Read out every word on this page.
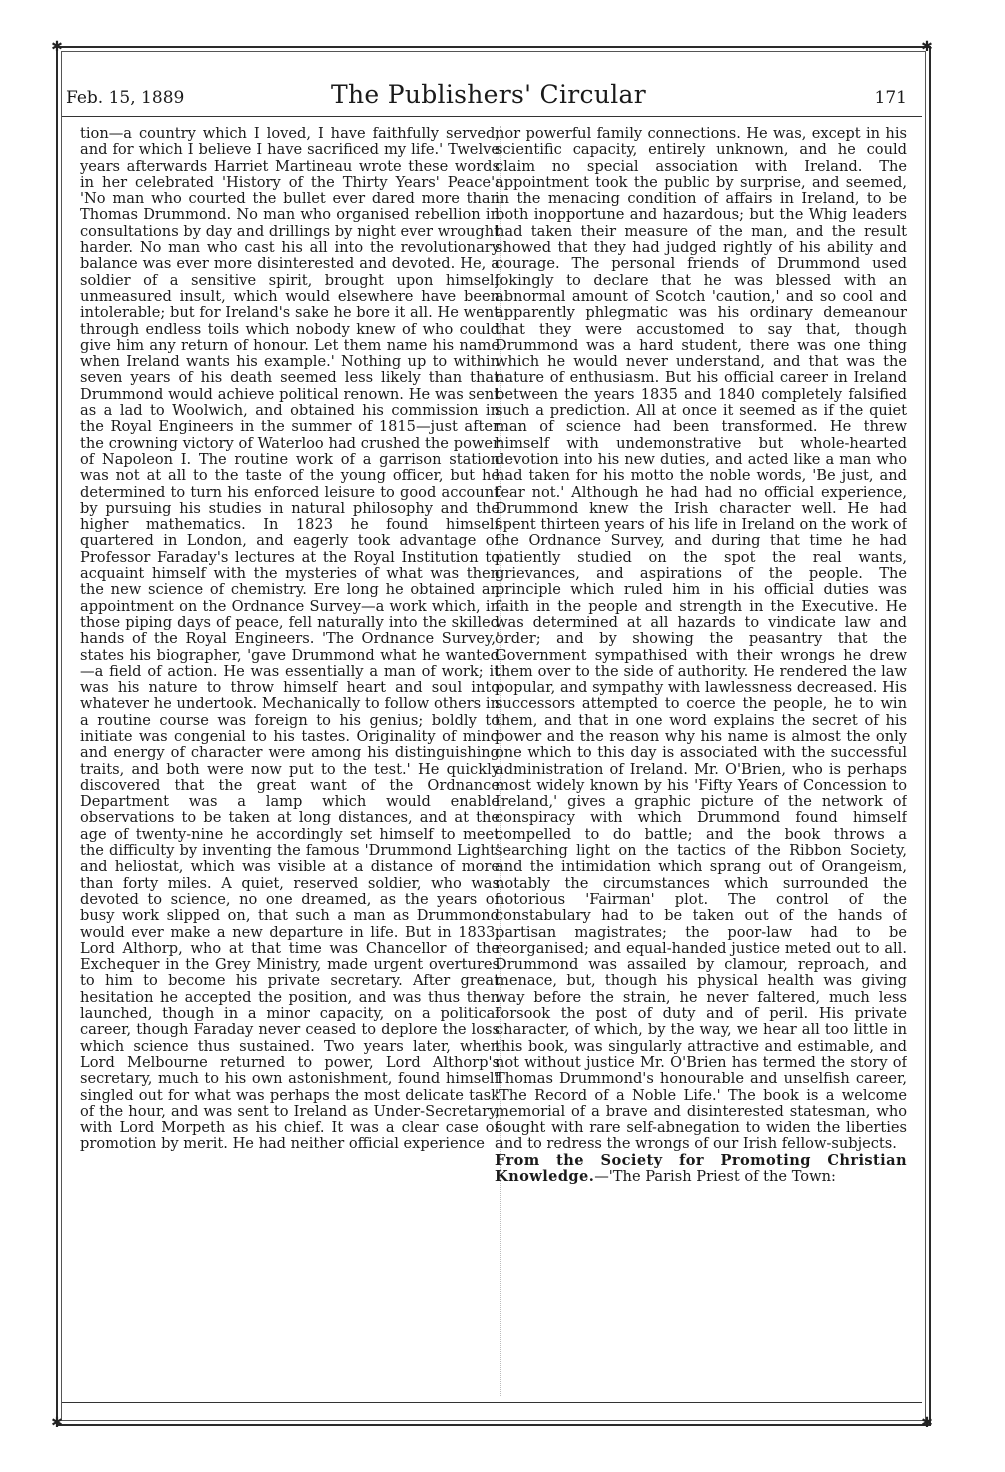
✱	✱
✱	✱
Feb. 15, 1889	The Publishers' Circular	171

tion—a country which I loved, I have faithfully served, and for which I believe I have sacrificed my life.' Twelve years afterwards Harriet Martineau wrote these words in her celebrated 'History of the Thirty Years' Peace': 'No man who courted the bullet ever dared more than Thomas Drummond. No man who organised rebellion in consultations by day and drillings by night ever wrought harder. No man who cast his all into the revolutionary balance was ever more disinterested and devoted. He, a soldier of a sensitive spirit, brought upon himself unmeasured insult, which would elsewhere have been intolerable; but for Ireland's sake he bore it all. He went through endless toils which nobody knew of who could give him any return of honour. Let them name his name when Ireland wants his example.' Nothing up to within seven years of his death seemed less likely than that Drummond would achieve political renown. He was sent as a lad to Woolwich, and obtained his commission in the Royal Engineers in the summer of 1815—just after the crowning victory of Waterloo had crushed the power of Napoleon I. The routine work of a garrison station was not at all to the taste of the young officer, but he determined to turn his enforced leisure to good account by pursuing his studies in natural philosophy and the higher mathematics. In 1823 he found himself quartered in London, and eagerly took advantage of Professor Faraday's lectures at the Royal Institution to acquaint himself with the mysteries of what was then the new science of chemistry. Ere long he obtained an appointment on the Ordnance Survey—a work which, in those piping days of peace, fell naturally into the skilled hands of the Royal Engineers. 'The Ordnance Survey,' states his biographer, 'gave Drummond what he wanted—a field of action. He was essentially a man of work; it was his nature to throw himself heart and soul into whatever he undertook. Mechanically to follow others in a routine course was foreign to his genius; boldly to initiate was congenial to his tastes. Originality of mind and energy of character were among his distinguishing traits, and both were now put to the test.' He quickly discovered that the great want of the Ordnance Department was a lamp which would enable observations to be taken at long distances, and at the age of twenty-nine he accordingly set himself to meet the difficulty by inventing the famous 'Drummond Light' and heliostat, which was visible at a distance of more than forty miles. A quiet, reserved soldier, who was devoted to science, no one dreamed, as the years of busy work slipped on, that such a man as Drummond would ever make a new departure in life. But in 1833, Lord Althorp, who at that time was Chancellor of the Exchequer in the Grey Ministry, made urgent overtures to him to become his private secretary. After great hesitation he accepted the position, and was thus then launched, though in a minor capacity, on a political career, though Faraday never ceased to deplore the loss which science thus sustained. Two years later, when Lord Melbourne returned to power, Lord Althorp's secretary, much to his own astonishment, found himself singled out for what was perhaps the most delicate task of the hour, and was sent to Ireland as Under-Secretary, with Lord Morpeth as his chief. It was a clear case of promotion by merit. He had neither official experience

nor powerful family connections. He was, except in his scientific capacity, entirely unknown, and he could claim no special association with Ireland. The appointment took the public by surprise, and seemed, in the menacing condition of affairs in Ireland, to be both inopportune and hazardous; but the Whig leaders had taken their measure of the man, and the result showed that they had judged rightly of his ability and courage. The personal friends of Drummond used jokingly to declare that he was blessed with an abnormal amount of Scotch 'caution,' and so cool and apparently phlegmatic was his ordinary demeanour that they were accustomed to say that, though Drummond was a hard student, there was one thing which he would never understand, and that was the nature of enthusiasm. But his official career in Ireland between the years 1835 and 1840 completely falsified such a prediction. All at once it seemed as if the quiet man of science had been transformed. He threw himself with undemonstrative but whole-hearted devotion into his new duties, and acted like a man who had taken for his motto the noble words, 'Be just, and fear not.' Although he had had no official experience, Drummond knew the Irish character well. He had spent thirteen years of his life in Ireland on the work of the Ordnance Survey, and during that time he had patiently studied on the spot the real wants, grievances, and aspirations of the people. The principle which ruled him in his official duties was faith in the people and strength in the Executive. He was determined at all hazards to vindicate law and order; and by showing the peasantry that the Government sympathised with their wrongs he drew them over to the side of authority. He rendered the law popular, and sympathy with lawlessness decreased. His successors attempted to coerce the people, he to win them, and that in one word explains the secret of his power and the reason why his name is almost the only one which to this day is associated with the successful administration of Ireland. Mr. O'Brien, who is perhaps most widely known by his 'Fifty Years of Concession to Ireland,' gives a graphic picture of the network of conspiracy with which Drummond found himself compelled to do battle; and the book throws a searching light on the tactics of the Ribbon Society, and the intimidation which sprang out of Orangeism, notably the circumstances which surrounded the notorious 'Fairman' plot. The control of the constabulary had to be taken out of the hands of partisan magistrates; the poor-law had to be reorganised; and equal-handed justice meted out to all. Drummond was assailed by clamour, reproach, and menace, but, though his physical health was giving way before the strain, he never faltered, much less forsook the post of duty and of peril. His private character, of which, by the way, we hear all too little in this book, was singularly attractive and estimable, and not without justice Mr. O'Brien has termed the story of Thomas Drummond's honourable and unselfish career, 'The Record of a Noble Life.' The book is a welcome memorial of a brave and disinterested statesman, who sought with rare self-abnegation to widen the liberties and to redress the wrongs of our Irish fellow-subjects.

From the Society for Promoting Christian Knowledge.—'The Parish Priest of the Town:
